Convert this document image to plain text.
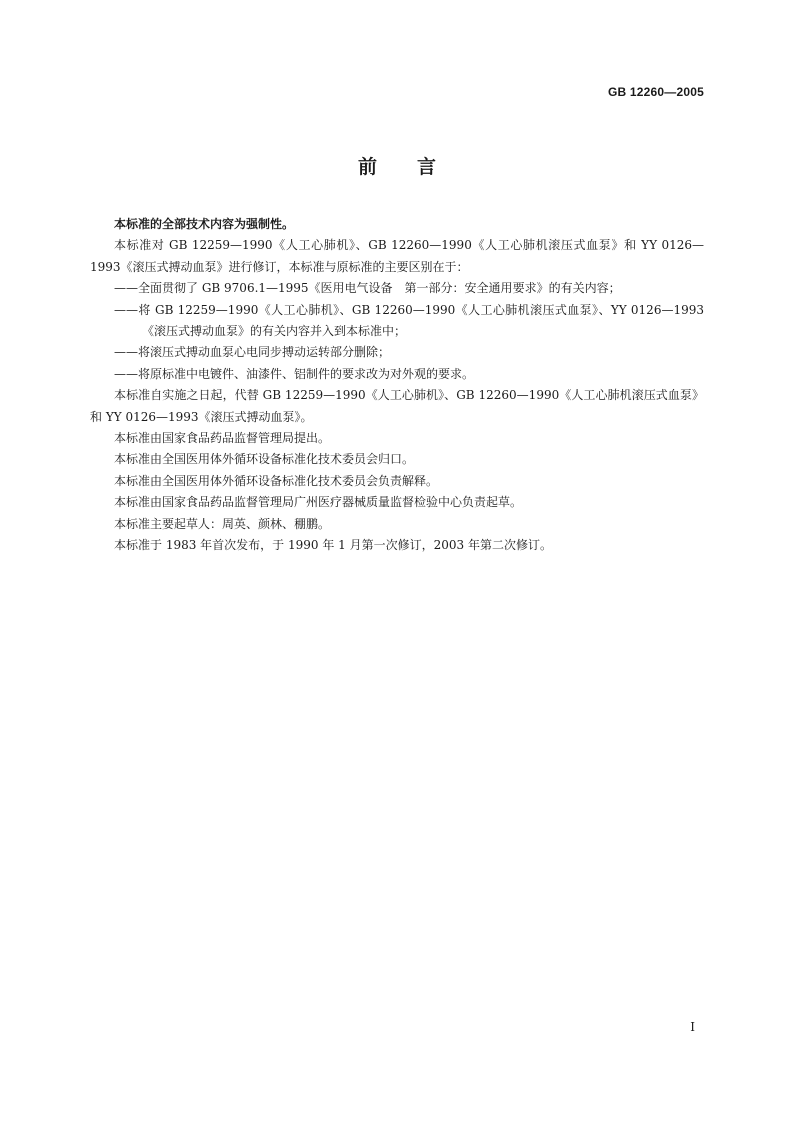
GB 12260—2005
前言

本标准的全部技术内容为强制性。

本标准对 GB 12259—1990《人工心肺机》、GB 12260—1990《人工心肺机滚压式血泵》和 YY 0126—1993《滚压式搏动血泵》进行修订，本标准与原标准的主要区别在于：

——全面贯彻了 GB 9706.1—1995《医用电气设备　第一部分：安全通用要求》的有关内容；

——将 GB 12259—1990《人工心肺机》、GB 12260—1990《人工心肺机滚压式血泵》、YY 0126—1993《滚压式搏动血泵》的有关内容并入到本标准中；

——将滚压式搏动血泵心电同步搏动运转部分删除；

——将原标准中电镀件、油漆件、铝制件的要求改为对外观的要求。

本标准自实施之日起，代替 GB 12259—1990《人工心肺机》、GB 12260—1990《人工心肺机滚压式血泵》和 YY 0126—1993《滚压式搏动血泵》。

本标准由国家食品药品监督管理局提出。

本标准由全国医用体外循环设备标准化技术委员会归口。

本标准由全国医用体外循环设备标准化技术委员会负责解释。

本标准由国家食品药品监督管理局广州医疗器械质量监督检验中心负责起草。

本标准主要起草人：周英、颜林、稝鹏。

本标准于 1983 年首次发布，于 1990 年 1 月第一次修订，2003 年第二次修订。

I
